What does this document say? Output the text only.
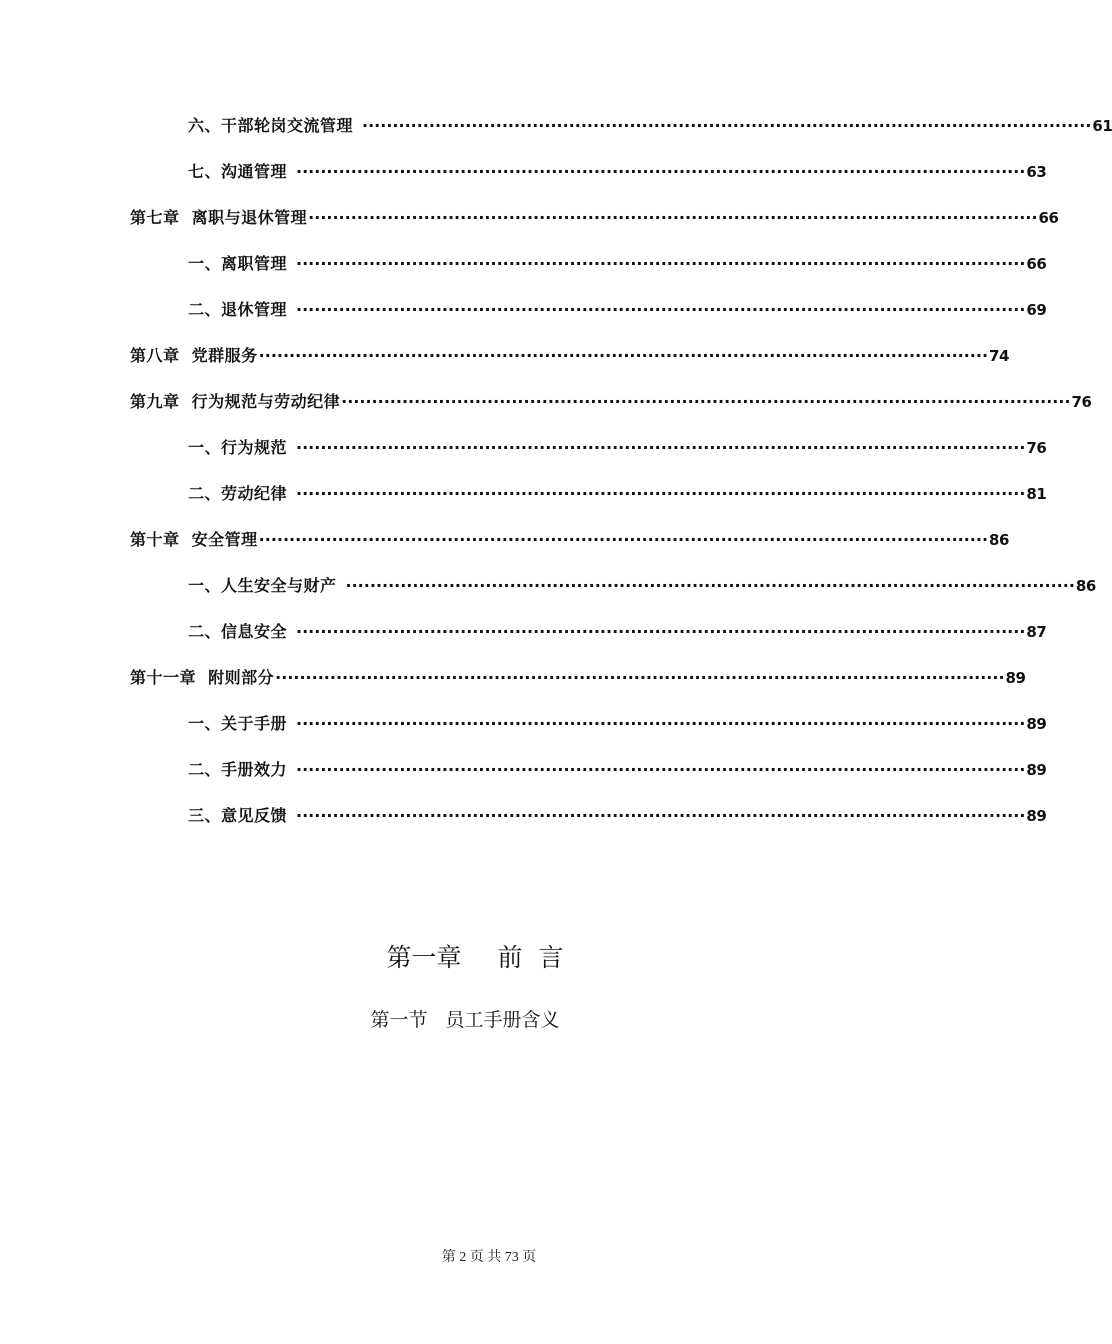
六、干部轮岗交流管理 ························································································································ 61
七、沟通管理 ························································································································ 63
第七章  离职与退休管理 ························································································································ 66
一、离职管理 ························································································································ 66
二、退休管理 ························································································································ 69
第八章  党群服务 ························································································································ 74
第九章  行为规范与劳动纪律 ························································································································ 76
一、行为规范 ························································································································ 76
二、劳动纪律 ························································································································ 81
第十章  安全管理 ························································································································ 86
一、人生安全与财产 ························································································································ 86
二、信息安全 ························································································································ 87
第十一章  附则部分 ························································································································ 89
一、关于手册 ························································································································ 89
二、手册效力 ························································································································ 89
三、意见反馈 ························································································································ 89
第一章 前  言
第一节 员工手册含义
第 2 页 共 73 页
